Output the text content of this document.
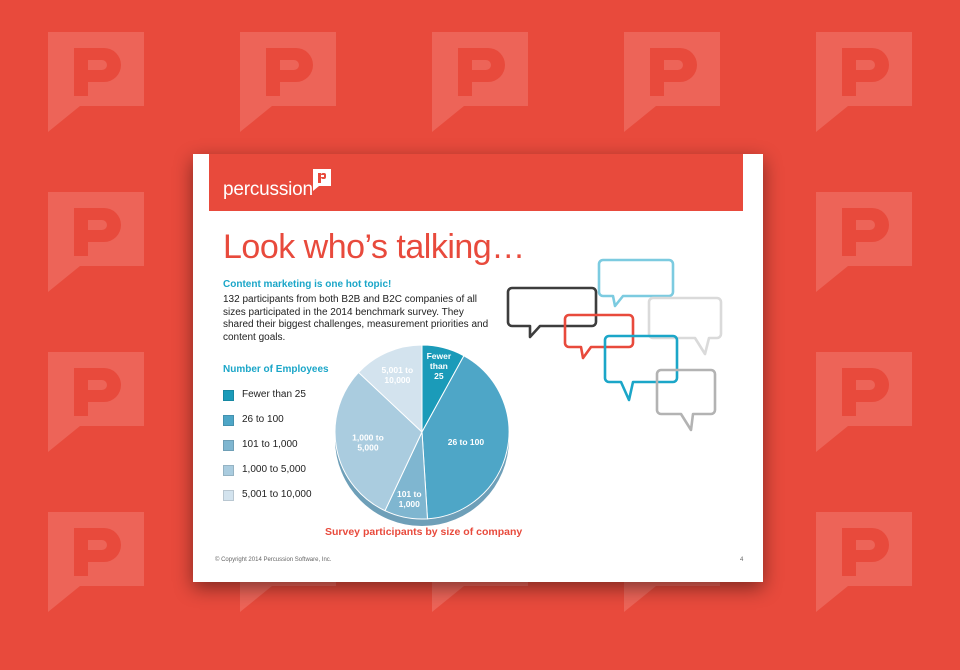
percussion
Look who’s talking…
Content marketing is one hot topic!
132 participants from both B2B and B2C companies of all sizes participated in the 2014 benchmark survey. They shared their biggest challenges, measurement priorities and content goals.
Number of Employees
Fewer than 25
26 to 100
101 to 1,000
1,000 to 5,000
5,001 to 10,000
Fewer than 25
26 to 100
101 to 1,000
1,000 to 5,000
5,001 to 10,000
Survey participants by size of company
© Copyright 2014 Percussion Software, Inc.	4
